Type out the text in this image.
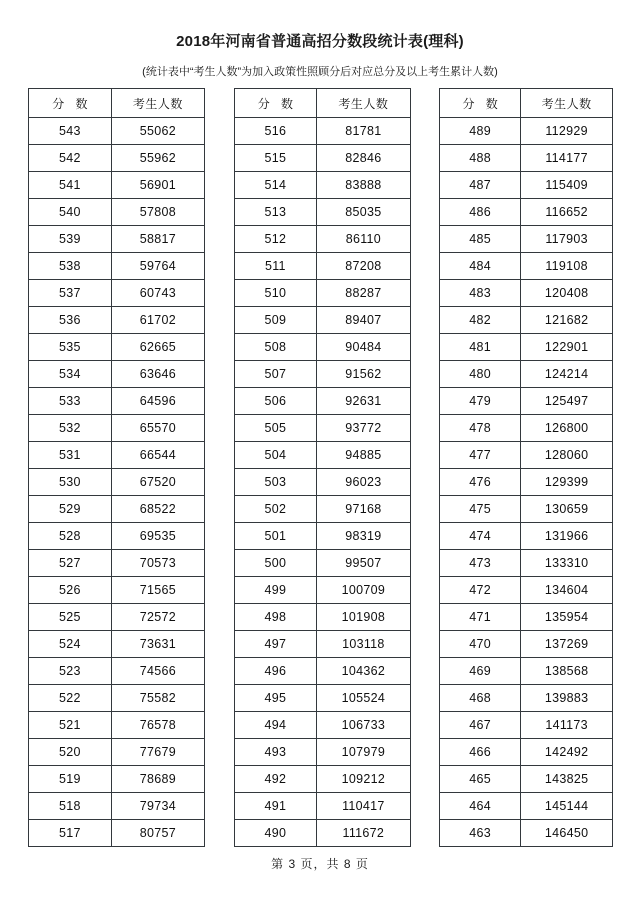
2018年河南省普通高招分数段统计表(理科)

(统计表中“考生人数”为加入政策性照顾分后对应总分及以上考生累计人数)

分 数	考生人数
543	55062
542	55962
541	56901
540	57808
539	58817
538	59764
537	60743
536	61702
535	62665
534	63646
533	64596
532	65570
531	66544
530	67520
529	68522
528	69535
527	70573
526	71565
525	72572
524	73631
523	74566
522	75582
521	76578
520	77679
519	78689
518	79734
517	80757
分 数	考生人数
516	81781
515	82846
514	83888
513	85035
512	86110
511	87208
510	88287
509	89407
508	90484
507	91562
506	92631
505	93772
504	94885
503	96023
502	97168
501	98319
500	99507
499	100709
498	101908
497	103118
496	104362
495	105524
494	106733
493	107979
492	109212
491	110417
490	111672
分 数	考生人数
489	112929
488	114177
487	115409
486	116652
485	117903
484	119108
483	120408
482	121682
481	122901
480	124214
479	125497
478	126800
477	128060
476	129399
475	130659
474	131966
473	133310
472	134604
471	135954
470	137269
469	138568
468	139883
467	141173
466	142492
465	143825
464	145144
463	146450
第 3 页，共 8 页
